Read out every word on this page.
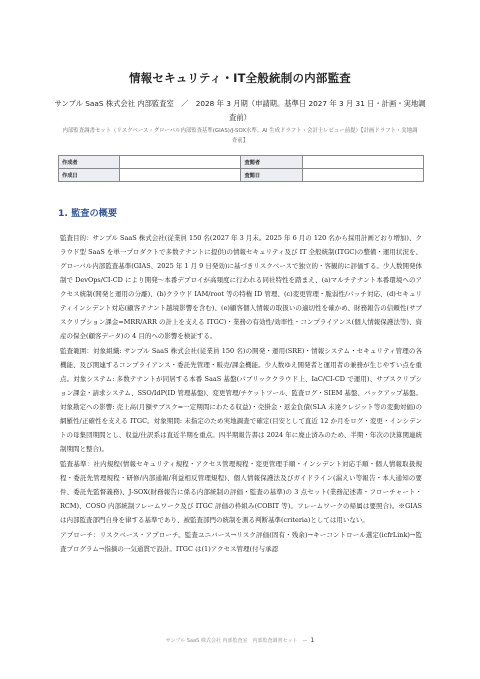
情報セキュリティ・IT全般統制の内部監査
サンプル SaaS 株式会社 内部監査室　／　2028 年 3 月期（申請期。基準日 2027 年 3 月 31 日・計画・実地調査前）
内部監査調書セット（リスクベース・グローバル内部監査基準(GIAS)/J-SOX水準。AI 生成ドラフト・会計士レビュー前提）【計画ドラフト・実地調査前】
作成者		査閲者	
作成日		査閲日	
1. 監査の概要

監査目的：サンプル SaaS 株式会社(従業員 150 名(2027 年 3 月末。2025 年 6 月の 120 名から採用計画どおり増加)、クラウド型 SaaS を単一プロダクトで多数テナントに提供)の情報セキュリティ及び IT 全般統制(ITGC)の整備・運用状況を、グローバル内部監査基準(GIAS、2025 年 1 月 9 日発効)に基づきリスクベースで独立的・客観的に評価する。少人数開発体制で DevOps/CI-CD により開発〜本番デプロイが高頻度に行われる同社特性を踏まえ、(a)マルチテナント本番環境へのアクセス統制(開発と運用の分離)、(b)クラウド IAM/root 等の特権 ID 管理、(c)変更管理・脆弱性/パッチ対応、(d)セキュリティインシデント対応(顧客テナント越境影響を含む)、(e)顧客個人情報の取扱いの適切性を確かめ、財務報告の信頼性(サブスクリプション課金=MRR/ARR の計上を支える ITGC)・業務の有効性/効率性・コンプライアンス(個人情報保護法等)、資産の保全(顧客データ)の 4 目的への影響を検証する。

監査範囲：対象組織: サンプル SaaS 株式会社(従業員 150 名)の開発・運用(SRE)・情報システム・セキュリティ管理の各機能、及び関連するコンプライアンス・委託先管理・販売/課金機能。少人数ゆえ開発者と運用者の兼務が生じやすい点を重点。対象システム: 多数テナントが同居する本番 SaaS 基盤(パブリッククラウド上、IaC/CI-CD で運用)、サブスクリプション課金・請求システム、SSO/IdP(ID 管理基盤)、変更管理/チケットツール、監査ログ・SIEM 基盤、バックアップ基盤。対象勘定への影響: 売上高(月額サブスク=一定期間にわたる収益)・売掛金・返金負債(SLA 未達クレジット等の変動対価)の網羅性/正確性を支える ITGC。対象期間: 未指定のため実地調査で確定(目安として直近 12 か月をログ・変更・インシデントの母集団期間とし、収益/仕訳系は直近半期を重点。四半期報告書は 2024 年に廃止済みのため、半期・年次の決算関連統制期間と整合)。

監査基準：社内規程(情報セキュリティ規程・アクセス管理規程・変更管理手順・インシデント対応手順・個人情報取扱規程・委託先管理規程・研修/内部通報/利益相反管理規程)、個人情報保護法及びガイドライン(漏えい等報告・本人通知の要件、委託先監督義務)、J-SOX(財務報告に係る内部統制の評価・監査の基準)の 3 点セット(業務記述書・フローチャート・RCM)、COSO 内部統制フレームワーク及び ITGC 評価の枠組み(COBIT 等)。フレームワークの帰属は要照合)。※GIAS は内部監査部門自身を律する基準であり、被監査部門の統制を測る判断基準(criteria)としては用いない。

アプローチ：リスクベース・アプローチ。監査ユニバース→リスク評価(固有・残余)→キーコントロール選定(icfrLink)→監査プログラム→指摘の一気通貫で設計。ITGC は(1)アクセス管理(付与承認

サンプル SaaS 株式会社 内部監査室　内部監査調書セット　— 1
